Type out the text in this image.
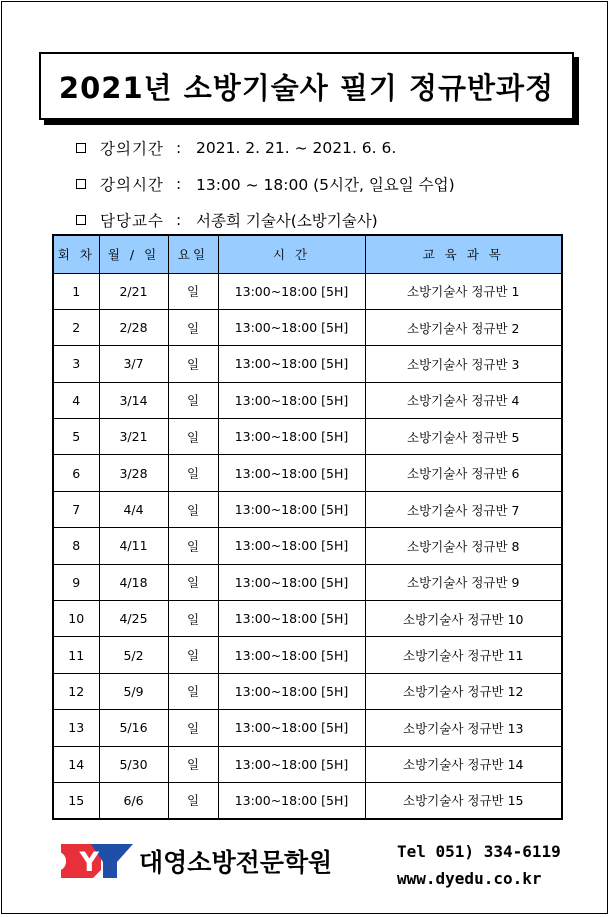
2021년 소방기술사 필기 정규반과정
강의기간 : 2021. 2. 21. ~ 2021. 6. 6.
강의시간 : 13:00 ~ 18:00 (5시간, 일요일 수업)
담당교수 : 서종희 기술사(소방기술사)
회 차	월 / 일	요일	시 간	교 육 과 목
1	2/21	일	13:00~18:00 [5H]	소방기술사 정규반 1
2	2/28	일	13:00~18:00 [5H]	소방기술사 정규반 2
3	3/7	일	13:00~18:00 [5H]	소방기술사 정규반 3
4	3/14	일	13:00~18:00 [5H]	소방기술사 정규반 4
5	3/21	일	13:00~18:00 [5H]	소방기술사 정규반 5
6	3/28	일	13:00~18:00 [5H]	소방기술사 정규반 6
7	4/4	일	13:00~18:00 [5H]	소방기술사 정규반 7
8	4/11	일	13:00~18:00 [5H]	소방기술사 정규반 8
9	4/18	일	13:00~18:00 [5H]	소방기술사 정규반 9
10	4/25	일	13:00~18:00 [5H]	소방기술사 정규반 10
11	5/2	일	13:00~18:00 [5H]	소방기술사 정규반 11
12	5/9	일	13:00~18:00 [5H]	소방기술사 정규반 12
13	5/16	일	13:00~18:00 [5H]	소방기술사 정규반 13
14	5/30	일	13:00~18:00 [5H]	소방기술사 정규반 14
15	6/6	일	13:00~18:00 [5H]	소방기술사 정규반 15
DY 대영소방전문학원	Tel 051) 334-6119
www.dyedu.co.kr
